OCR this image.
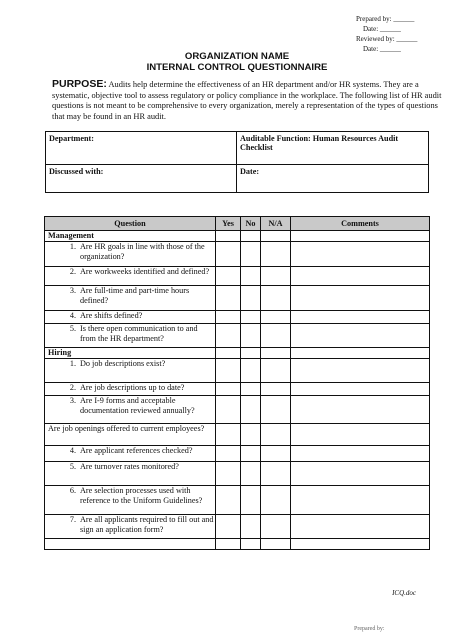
Prepared by: ______
Date: ______
Reviewed by: ______
Date: ______
ORGANIZATION NAME
INTERNAL CONTROL QUESTIONNAIRE
PURPOSE: Audits help determine the effectiveness of an HR department and/or HR systems. They are a systematic, objective tool to assess regulatory or policy compliance in the workplace. The following list of HR audit questions is not meant to be comprehensive to every organization, merely a representation of the types of questions that may be found in an HR audit.
Department:	Auditable Function: Human Resources Audit Checklist
Discussed with:	Date:
Question	Yes	No	N/A	Comments

Management				

1. Are HR goals in line with those of the organization?				

2. Are workweeks identified and defined?				

3. Are full-time and part-time hours defined?				

4. Are shifts defined?				

5. Is there open communication to and from the HR department?				

Hiring				

1. Do job descriptions exist?				

2. Are job descriptions up to date?				

3. Are I-9 forms and acceptable documentation reviewed annually?				

Are job openings offered to current employees?				

4. Are applicant references checked?				

5. Are turnover rates monitored?				

6. Are selection processes used with reference to the Uniform Guidelines?				

7. Are all applicants required to fill out and sign an application form?				

ICQ.doc
Prepared by:
